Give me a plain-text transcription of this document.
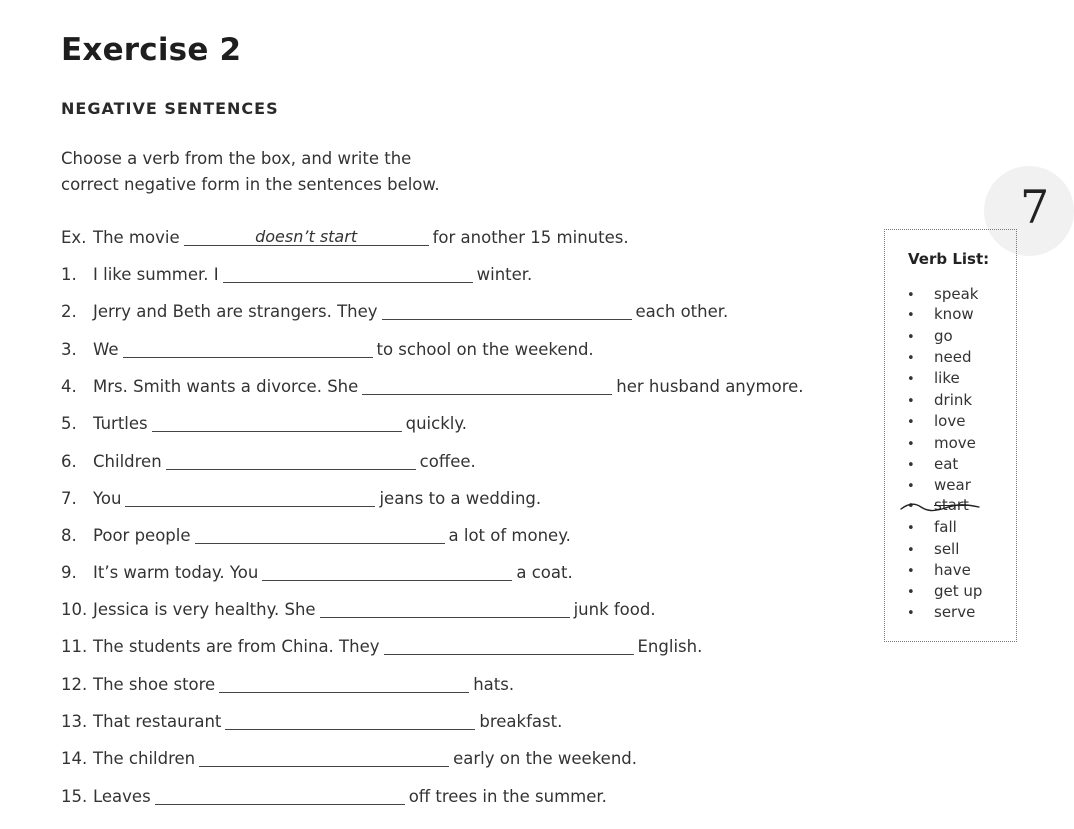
Exercise 2
NEGATIVE SENTENCES
Choose a verb from the box, and write the
correct negative form in the sentences below.	7
Ex. The movie	doesn’t start	for another 15 minutes.
1. I like summer. I	winter.
2. Jerry and Beth are strangers. They	each other.
3. We	to school on the weekend.
4. Mrs. Smith wants a divorce. She	her husband anymore.
5. Turtles	quickly.
6. Children	coffee.
7. You	jeans to a wedding.
8. Poor people	a lot of money.
9. It’s warm today. You	a coat.
10. Jessica is very healthy. She	junk food.
11. The students are from China. They	English.
12. The shoe store	hats.
13. That restaurant	breakfast.
14. The children	early on the weekend.
15. Leaves	off trees in the summer.
Verb List:
• speak
• know
• go
• need
• like
• drink
• love
• move
• eat
• wear
• start
• fall
• sell
• have
• get up
• serve
